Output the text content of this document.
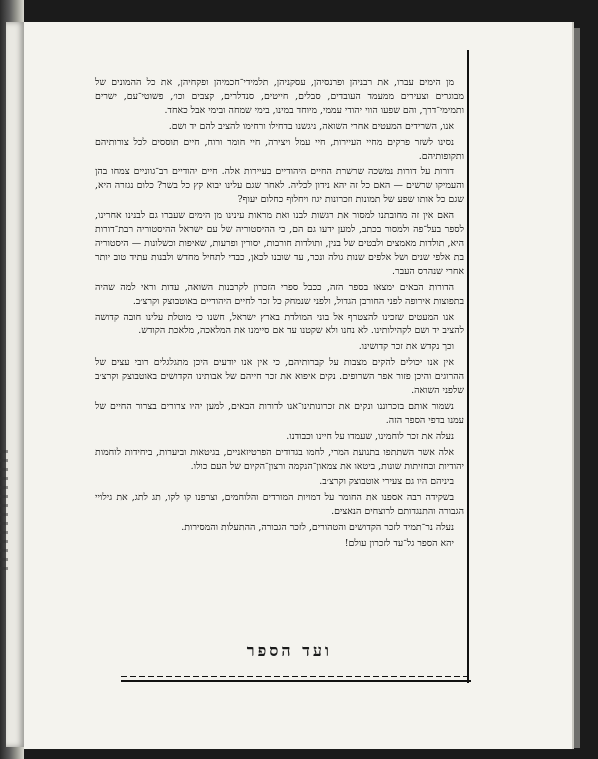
מן הימים עברו, את רבניהן ופרנסיהן, עסקניהן, תלמידי־חכמיהן ופקחיהן, את כל ההמונים של מבוגרים וצעירים ממעמד העובדים, סבלים, חייטים, סנדלרים, קצבים וכו׳, פשוטי־עם, ישרים ותמימי־דרך, והם שפעו הווי יהודי עממי, מיוחד במינו, בימי שמחה ובימי אבל כאחד.

אנו, השרידים המעטים אחרי השואה, ניגשנו בדחילו ורחימו להציב להם יד ושם.

נסינו לשזר פרקים מחיי העיירות, חיי עמל ויצירה, חיי חומר ורוח, חיים תוססים לכל צורותיהם ותקופותיהם.

דורות על דורות נמשכה שרשרת החיים היהודיים בעיירות אלה. חיים יהודיים רב־גווניים צמחו בהן והעמיקו שרשים — האם כל זה יהא נידון לכליה. לאחר שגם עלינו יבוא קץ כל בשר? כלום נגזרה היא, שגם כל אותו שפע של תמונות וזכרונות יגוז ויחלוף כחלום יעוף?

האם אין זה מחובתנו למסור את רגשות לבנו ואת מראות עינינו מן הימים שעברו גם לבנינו אחרינו, לספר בעל־פה ולמסור בכתב, למען ידעו גם הם, כי ההיסטוריה של עם ישראל ההיסטוריה רבת־דורות היא, תולדות מאמצים ולבטים של בנין, ותולדות חורבות, יסורין ופרעות, שאיפות וכשלונות — היסטוריה בת אלפי שנים ושל אלפים שנות גולה ונכר, עד שובנו לכאן, כבדי לתחיל מחדש ולבנות עתיד טוב יותר אחרי שנהרס העבר.

הדורות הבאים ימצאו בספר הזה, ככבל ספרי הזכרון לקרבנות השואה, עדות וראי למה שהיה בתפוצות אירופה לפני החורבן הגדול, ולפני שנמחק כל זכר לחיים היהודיים באוטבוצק וקרצ׳ב.

אנו המעטים שזכינו להצטרף אל בוני המולדת בארץ ישראל, חשנו כי מוטלת עלינו חובה קדושה להציב יד ושם לקהילותינו. לא נחנו ולא שקטנו עד אם סיימנו את המלאכה, מלאכת הקודש.

וכך נקדש את זכר קדושינו.

אין אנו יכולים להקים מצבות על קברותיהם, כי אין אנו יודעים היכן מתגלגלים רובי עצים של ההרוגים והיכן פזור אפר השרופים. נקים איפוא את זכר חייהם של אבותינו הקדושים באוטבוצק וקרצ׳ב שלפני השואה.

נשמור אותם בזכרוננו ונקים את זכרונותינו־אנו לדורות הבאים, למען יהיו צרורים בצרור החיים של עמנו בדפי הספר הזה.

נעלה את זכר לוחמינו, שעמדו על חיינו וכבודנו.

אלה אשר השתתפו בתנועת המרי, לחמו בגדודים הפרטיזאניים, בגיטאות וביערות, ביחידות לוחמות יהודיות ובחזיתות שונות, ביטאו את צמאון־הנקמה ורצון־הקיום של העם כולו.

ביניהם היו גם צעירי אוטבוצק וקרצ׳ב.

בשקידה רבה אספנו את החומר על דמויות המורדים והלוחמים, וצרפנו קו לקו, תג לתג, את גילויי הגבורה והתנגדותם לרוצחים הנאצים.

נעלה נר־תמיד לזכר הקדושים והטהורים, לזכר הגבורה, ההתעלות והמסירות.

יהא הספר גל־עד לזכרון עולם!

ועד הספר
